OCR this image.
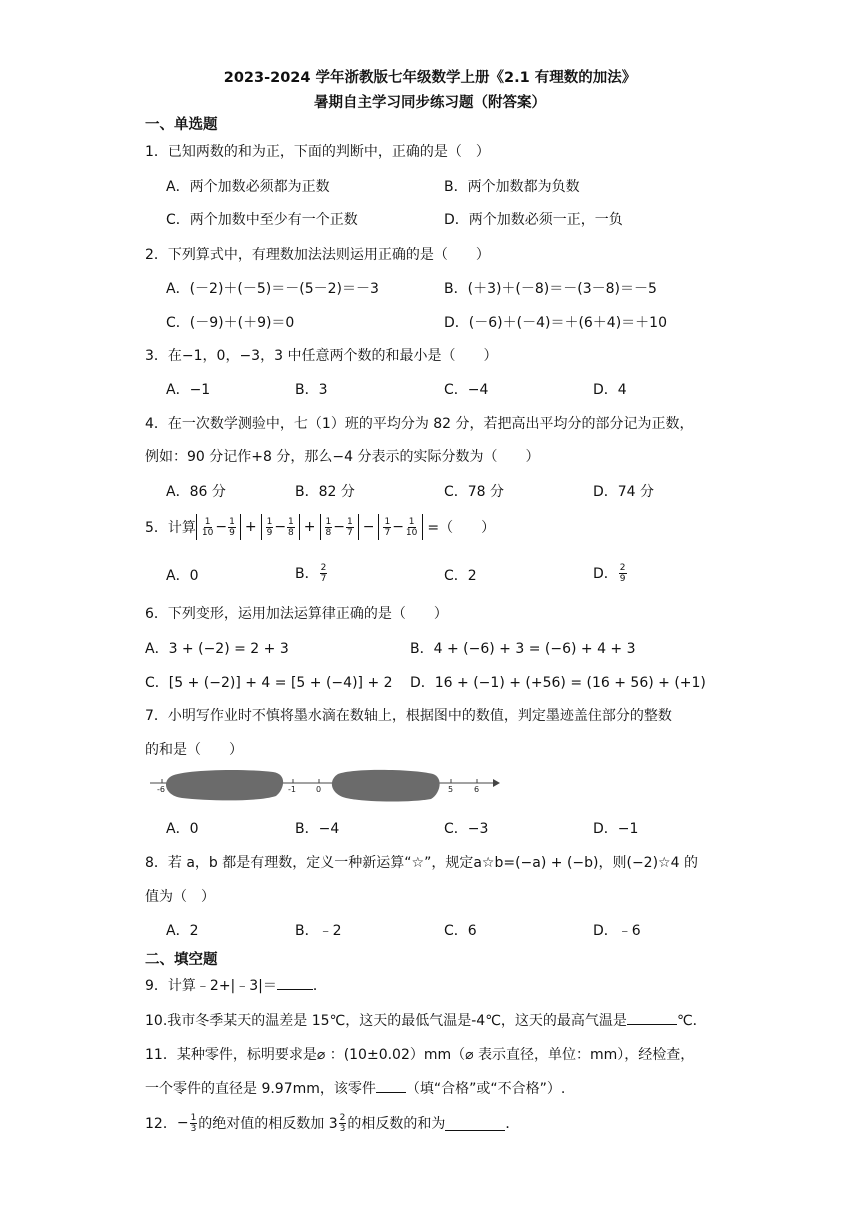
2023-2024 学年浙教版七年级数学上册《2.1 有理数的加法》
暑期自主学习同步练习题（附答案）
一、单选题
1．已知两数的和为正，下面的判断中，正确的是（　）
A．两个加数必须都为正数	B．两个加数都为负数
C．两个加数中至少有一个正数	D．两个加数必须一正，一负
2．下列算式中，有理数加法法则运用正确的是（　　）
A．(－2)＋(－5)＝－(5－2)＝－3	B．(＋3)＋(－8)＝－(3－8)＝－5
C．(－9)＋(＋9)＝0	D．(－6)＋(－4)＝＋(6＋4)＝＋10
3．在−1，0，−3，3 中任意两个数的和最小是（　　）
A．−1	B．3	C．−4	D．4
4．在一次数学测验中，七（1）班的平均分为 82 分，若把高出平均分的部分记为正数，
例如：90 分记作+8 分，那么−4 分表示的实际分数为（　　）
A．86 分	B．82 分	C．78 分	D．74 分
5．计算 $\frac{1}{10} - \frac{1}{9} + \frac{1}{9} - \frac{1}{8} + \frac{1}{8} - \frac{1}{7} - \frac{1}{7} - \frac{1}{10}$ =（　　）
A．0	B． $\frac{2}{7}$	C．2	D． $\frac{2}{9}$
6．下列变形，运用加法运算律正确的是（　　）
A．3 + (−2) = 2 + 3	B．4 + (−6) + 3 = (−6) + 4 + 3
C．[5 + (−2)] + 4 = [5 + (−4)] + 2 D．16 + (−1) + (+56) = (16 + 56) + (+1)
7．小明写作业时不慎将墨水滴在数轴上，根据图中的数值，判定墨迹盖住部分的整数
的和是（　　）
-6	-1	0	5	6
A．0	B．−4	C．−3	D．−1
8．若 a，b 都是有理数，定义一种新运算“☆”，规定a☆b=(−a) + (−b)，则(−2)☆4 的
值为（　）
A．2	B．﹣2	C．6	D．﹣6
二、填空题
9．计算﹣2+|﹣3|＝	．
10.我市冬季某天的温差是 15℃，这天的最低气温是-4℃，这天的最高气温是	℃．
11．某种零件，标明要求是⌀ ：(10±0.02）mm（⌀ 表示直径，单位：mm），经检查，
一个零件的直径是 9.97mm，该零件 （填“合格”或“不合格”）.
12． − $\frac{1}{3}$ 的绝对值的相反数加 $3 \frac{2}{3}$ 的相反数的和为	．
